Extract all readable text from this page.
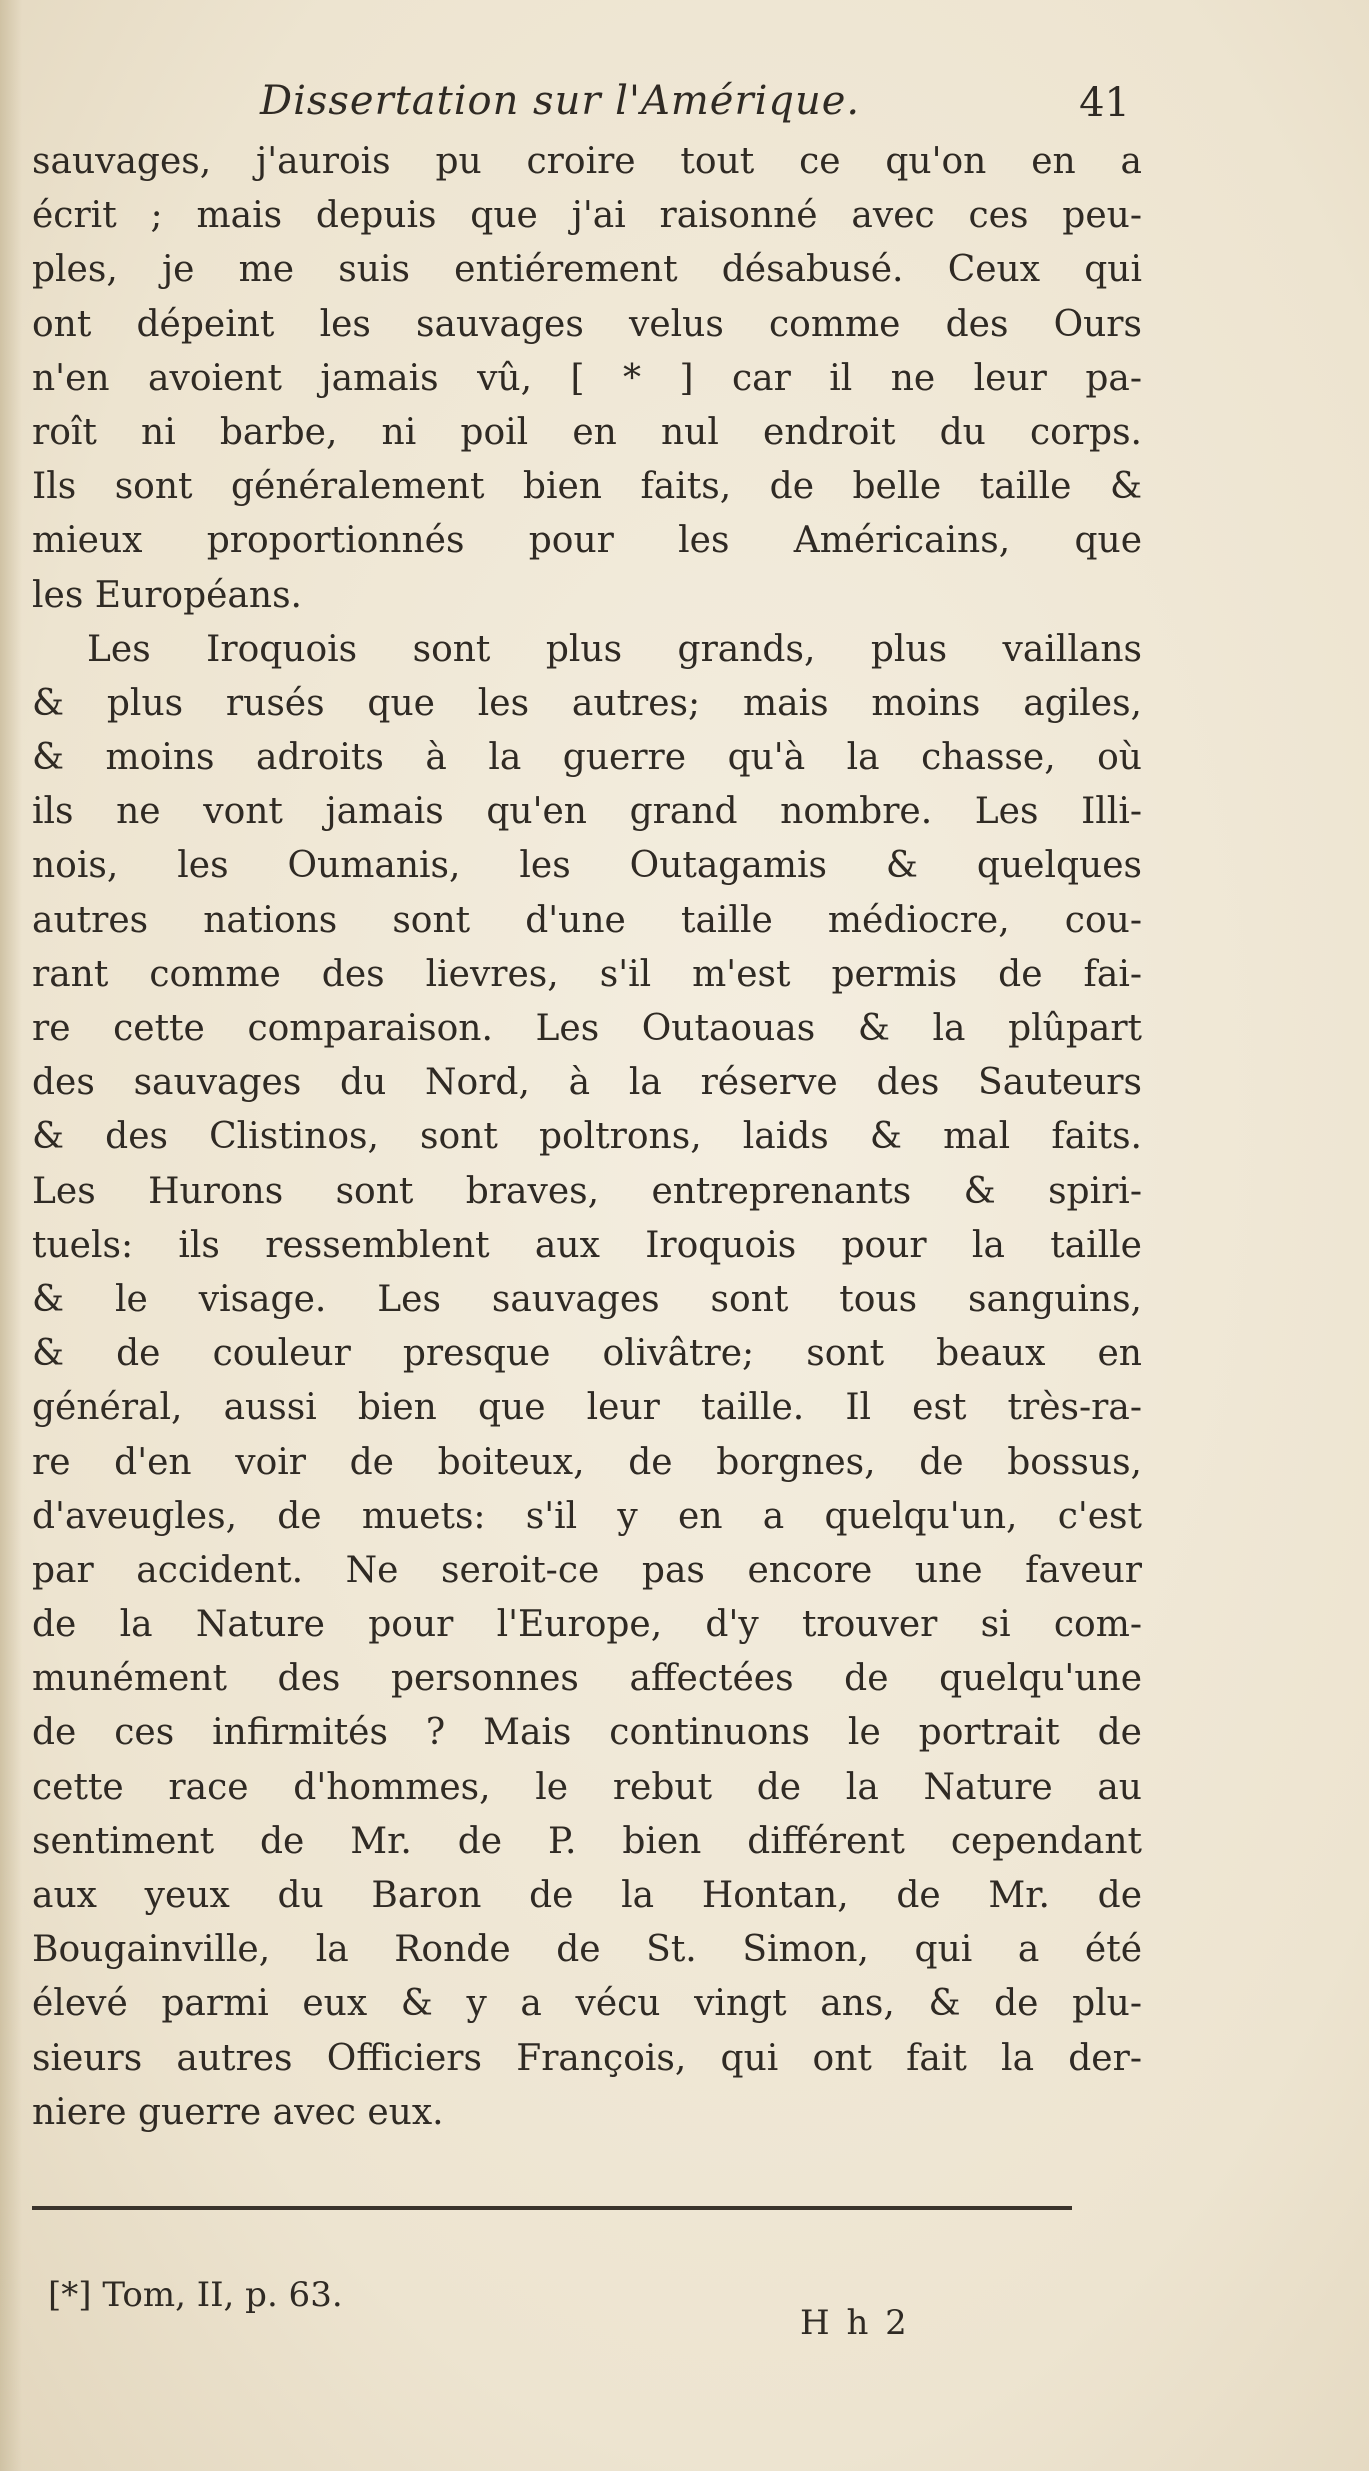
Dissertation sur l'Amérique.	41
sauvages, j'aurois pu croire tout ce qu'on en a
écrit ; mais depuis que j'ai raisonné avec ces peu-
ples, je me suis entiérement désabusé. Ceux qui
ont dépeint les sauvages velus comme des Ours
n'en avoient jamais vû, [ * ] car il ne leur pa-
roît ni barbe, ni poil en nul endroit du corps.
Ils sont généralement bien faits, de belle taille &
mieux proportionnés pour les Américains, que
les Européans.
Les Iroquois sont plus grands, plus vaillans
& plus rusés que les autres; mais moins agiles,
& moins adroits à la guerre qu'à la chasse, où
ils ne vont jamais qu'en grand nombre. Les Illi-
nois, les Oumanis, les Outagamis & quelques
autres nations sont d'une taille médiocre, cou-
rant comme des lievres, s'il m'est permis de fai-
re cette comparaison. Les Outaouas & la plûpart
des sauvages du Nord, à la réserve des Sauteurs
& des Clistinos, sont poltrons, laids & mal faits.
Les Hurons sont braves, entreprenants & spiri-
tuels: ils ressemblent aux Iroquois pour la taille
& le visage. Les sauvages sont tous sanguins,
& de couleur presque olivâtre; sont beaux en
général, aussi bien que leur taille. Il est très-ra-
re d'en voir de boiteux, de borgnes, de bossus,
d'aveugles, de muets: s'il y en a quelqu'un, c'est
par accident. Ne seroit-ce pas encore une faveur
de la Nature pour l'Europe, d'y trouver si com-
munément des personnes affectées de quelqu'une
de ces infirmités ? Mais continuons le portrait de
cette race d'hommes, le rebut de la Nature au
sentiment de Mr. de P. bien différent cependant
aux yeux du Baron de la Hontan, de Mr. de
Bougainville, la Ronde de St. Simon, qui a été
élevé parmi eux & y a vécu vingt ans, & de plu-
sieurs autres Officiers François, qui ont fait la der-
niere guerre avec eux.
[*] Tom, II, p. 63.
H h 2
